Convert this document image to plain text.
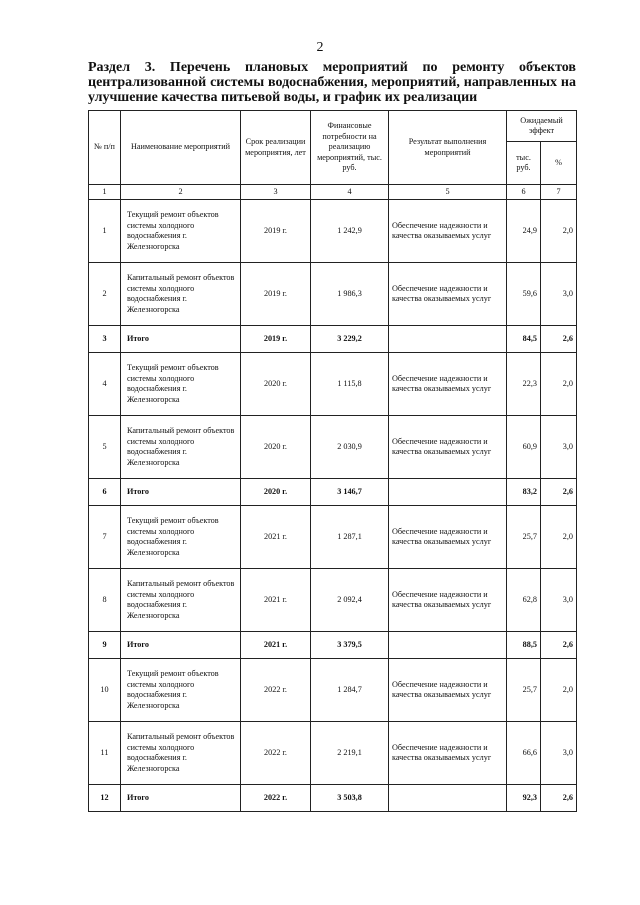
2
Раздел 3. Перечень плановых мероприятий по ремонту объектов централизованной системы водоснабжения, мероприятий, направленных на улучшение качества питьевой воды, и график их реализации
№ п/п	Наименование мероприятий	Срок реализации мероприятия, лет	Финансовые потребности на реализацию мероприятий, тыс. руб.	Результат выполнения мероприятий	Ожидаемый эффект	
					тыс. руб.	%
1	2	3	4	5	6	7
1	Текущий ремонт объектов системы холодного водоснабжения г. Железногорска	2019 г.	1 242,9	Обеспечение надежности и качества оказываемых услуг	24,9	2,0
2	Капитальный ремонт объектов системы холодного водоснабжения г. Железногорска	2019 г.	1 986,3	Обеспечение надежности и качества оказываемых услуг	59,6	3,0
3	Итого	2019 г.	3 229,2		84,5	2,6
4	Текущий ремонт объектов системы холодного водоснабжения г. Железногорска	2020 г.	1 115,8	Обеспечение надежности и качества оказываемых услуг	22,3	2,0
5	Капитальный ремонт объектов системы холодного водоснабжения г. Железногорска	2020 г.	2 030,9	Обеспечение надежности и качества оказываемых услуг	60,9	3,0
6	Итого	2020 г.	3 146,7		83,2	2,6
7	Текущий ремонт объектов системы холодного водоснабжения г. Железногорска	2021 г.	1 287,1	Обеспечение надежности и качества оказываемых услуг	25,7	2,0
8	Капитальный ремонт объектов системы холодного водоснабжения г. Железногорска	2021 г.	2 092,4	Обеспечение надежности и качества оказываемых услуг	62,8	3,0
9	Итого	2021 г.	3 379,5		88,5	2,6
10	Текущий ремонт объектов системы холодного водоснабжения г. Железногорска	2022 г.	1 284,7	Обеспечение надежности и качества оказываемых услуг	25,7	2,0
11	Капитальный ремонт объектов системы холодного водоснабжения г. Железногорска	2022 г.	2 219,1	Обеспечение надежности и качества оказываемых услуг	66,6	3,0
12	Итого	2022 г.	3 503,8		92,3	2,6
